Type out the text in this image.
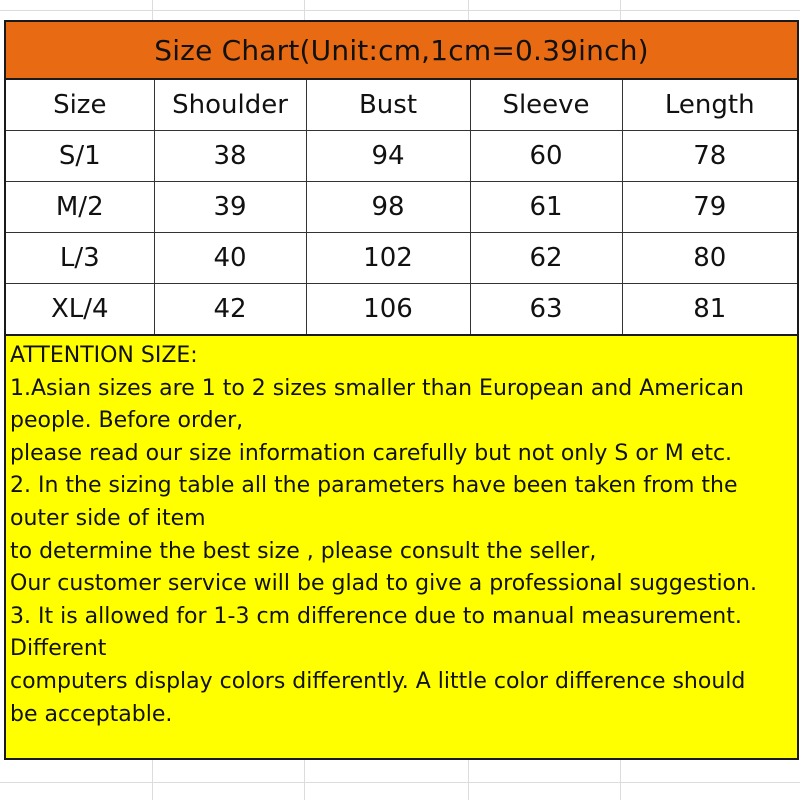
Size Chart(Unit:cm,1cm=0.39inch)
Size	Shoulder	Bust	Sleeve	Length
S/1	38	94	60	78
M/2	39	98	61	79
L/3	40	102	62	80
XL/4	42	106	63	81
ATTENTION SIZE:
1.Asian sizes are 1 to 2 sizes smaller than European and American
people. Before order,
please read our size information carefully but not only S or M etc.
2. In the sizing table all the parameters have been taken from the
outer side of item
to determine the best size , please consult the seller,
Our customer service will be glad to give a professional suggestion.
3. It is allowed for 1-3 cm difference due to manual measurement.
Different
computers display colors differently. A little color difference should
be acceptable.
